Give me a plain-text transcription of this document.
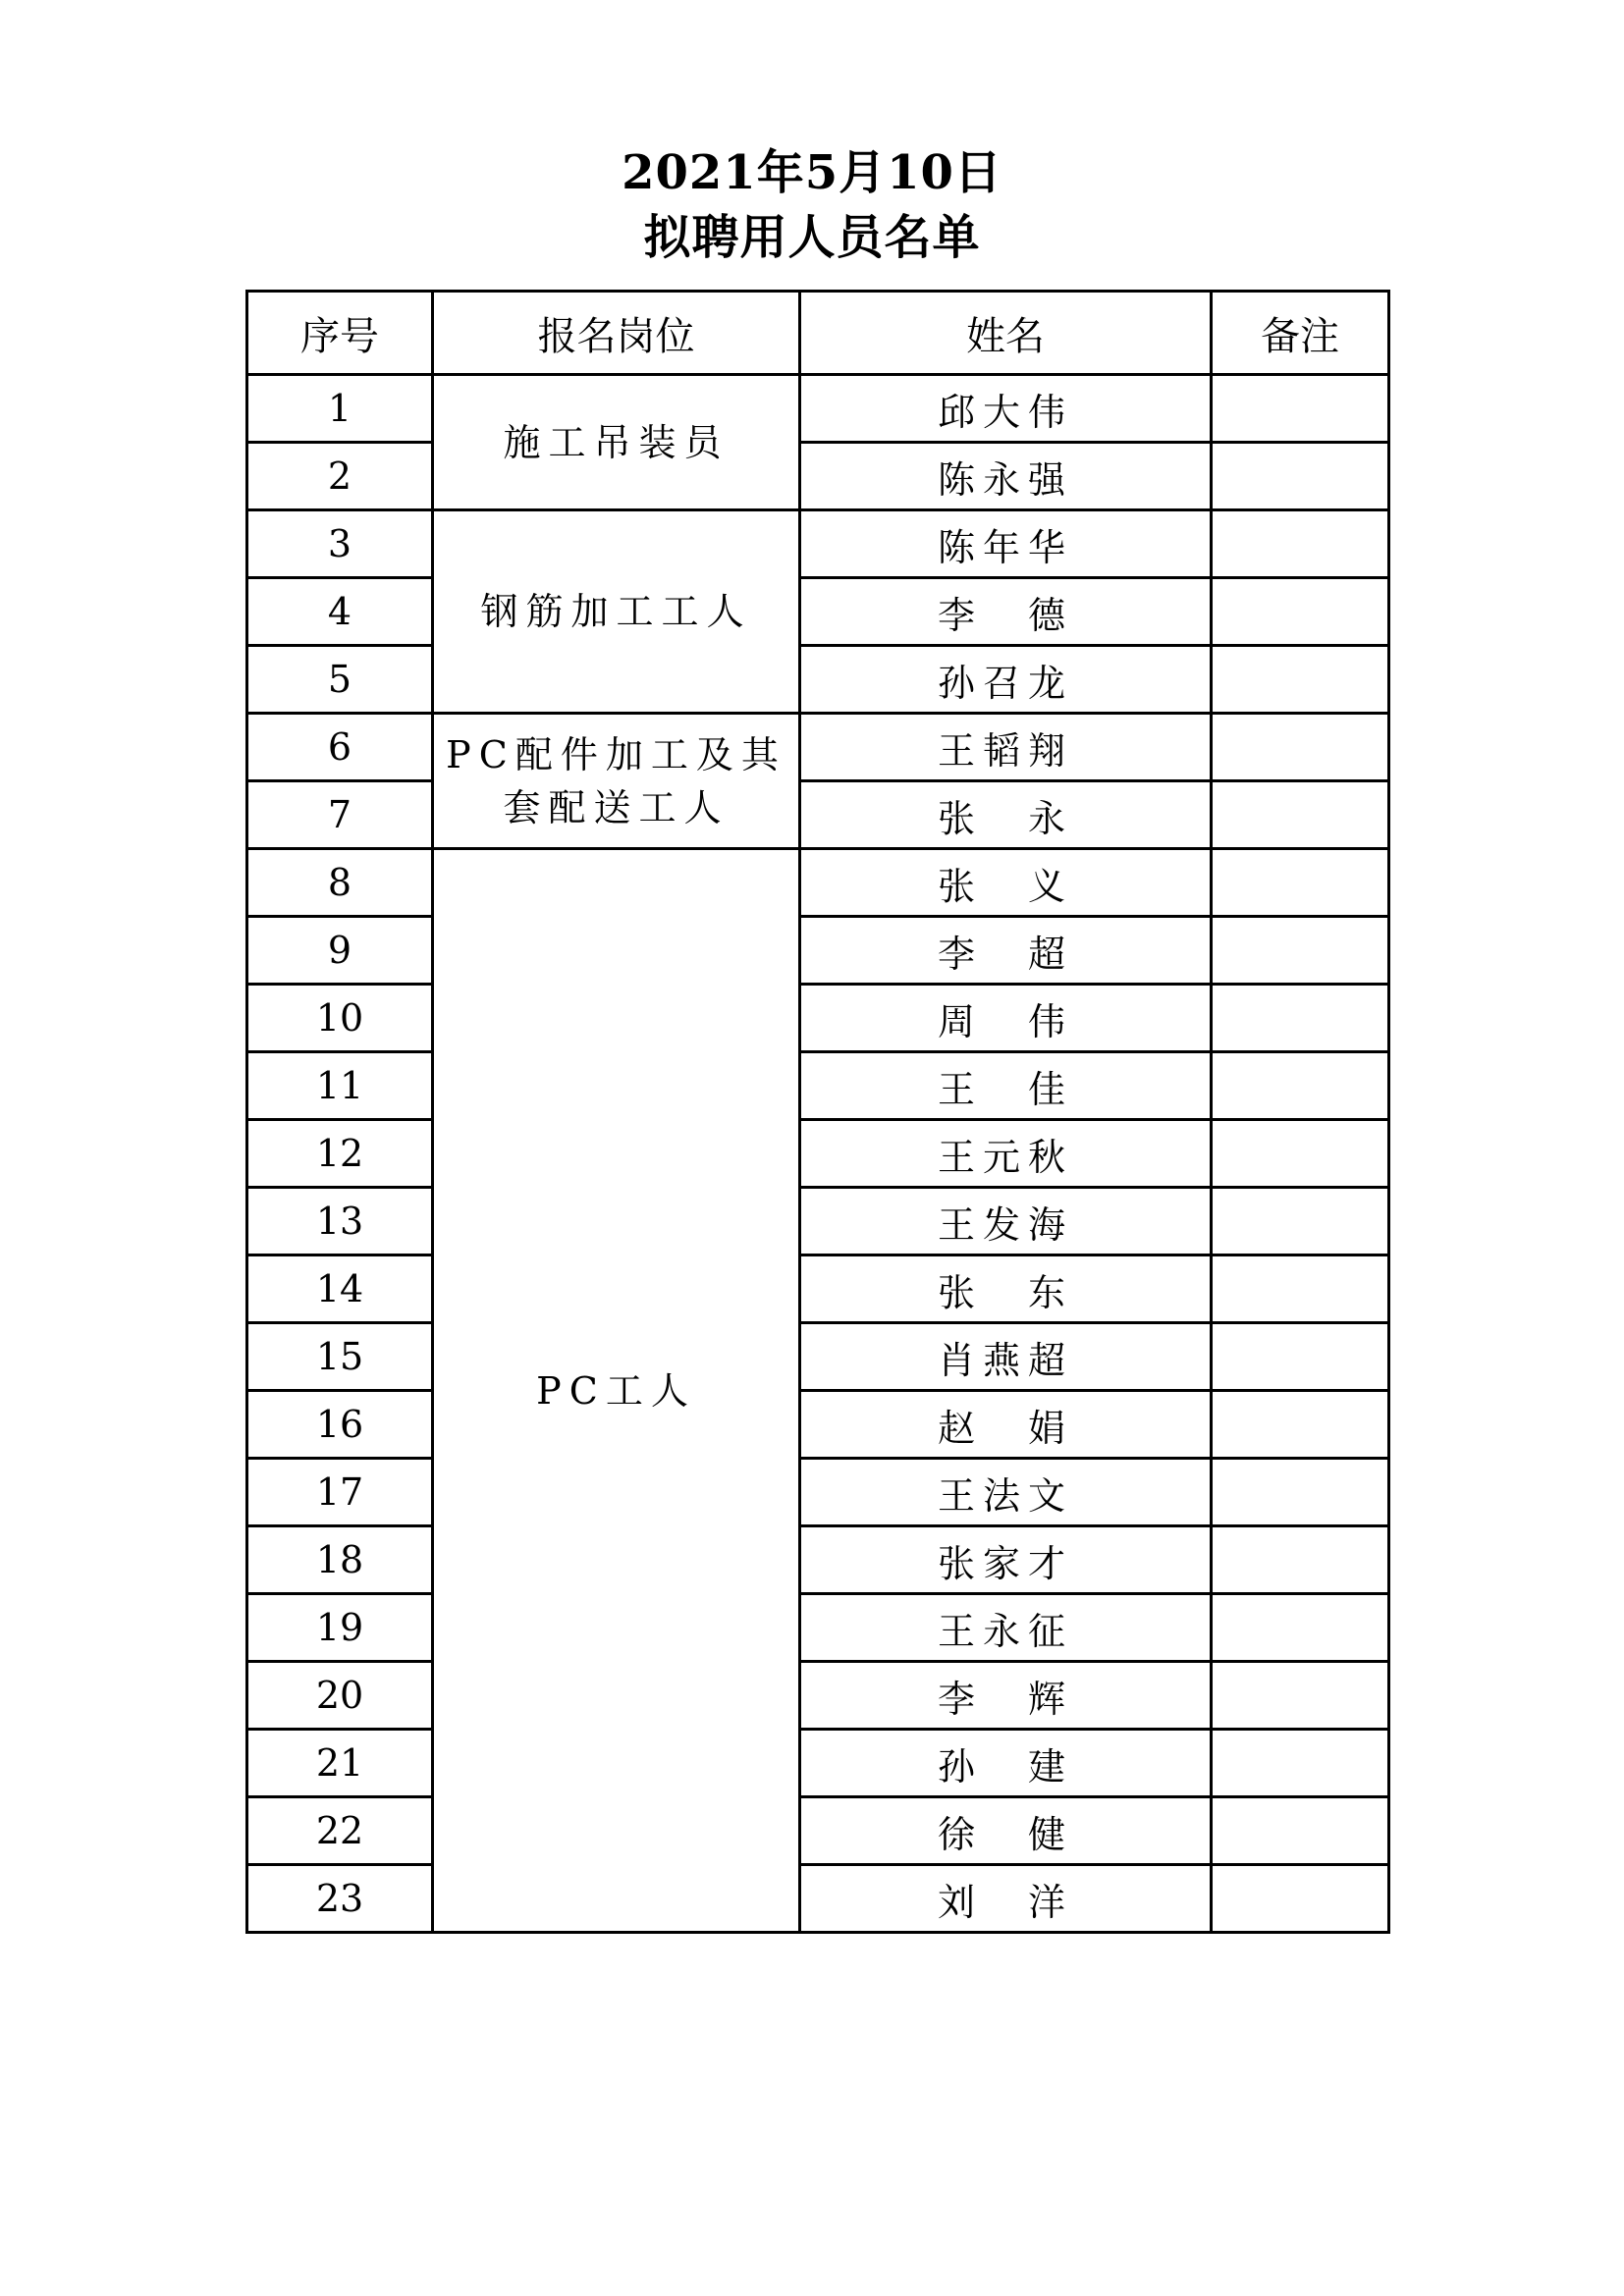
2021年5月10日
拟聘用人员名单
序号	报名岗位	姓名	备注
1	施工吊装员	邱大伟	
2		陈永强	
3	钢筋加工工人	陈年华	
4		李　德	
5		孙召龙	
6	PC配件加工及其套配送工人	王韬翔	
7		张　永	
8	PC工人	张　义	
9		李　超	
10		周　伟	
11		王　佳	
12		王元秋	
13		王发海	
14		张　东	
15		肖燕超	
16		赵　娟	
17		王法文	
18		张家才	
19		王永征	
20		李　辉	
21		孙　建	
22		徐　健	
23		刘　洋	
